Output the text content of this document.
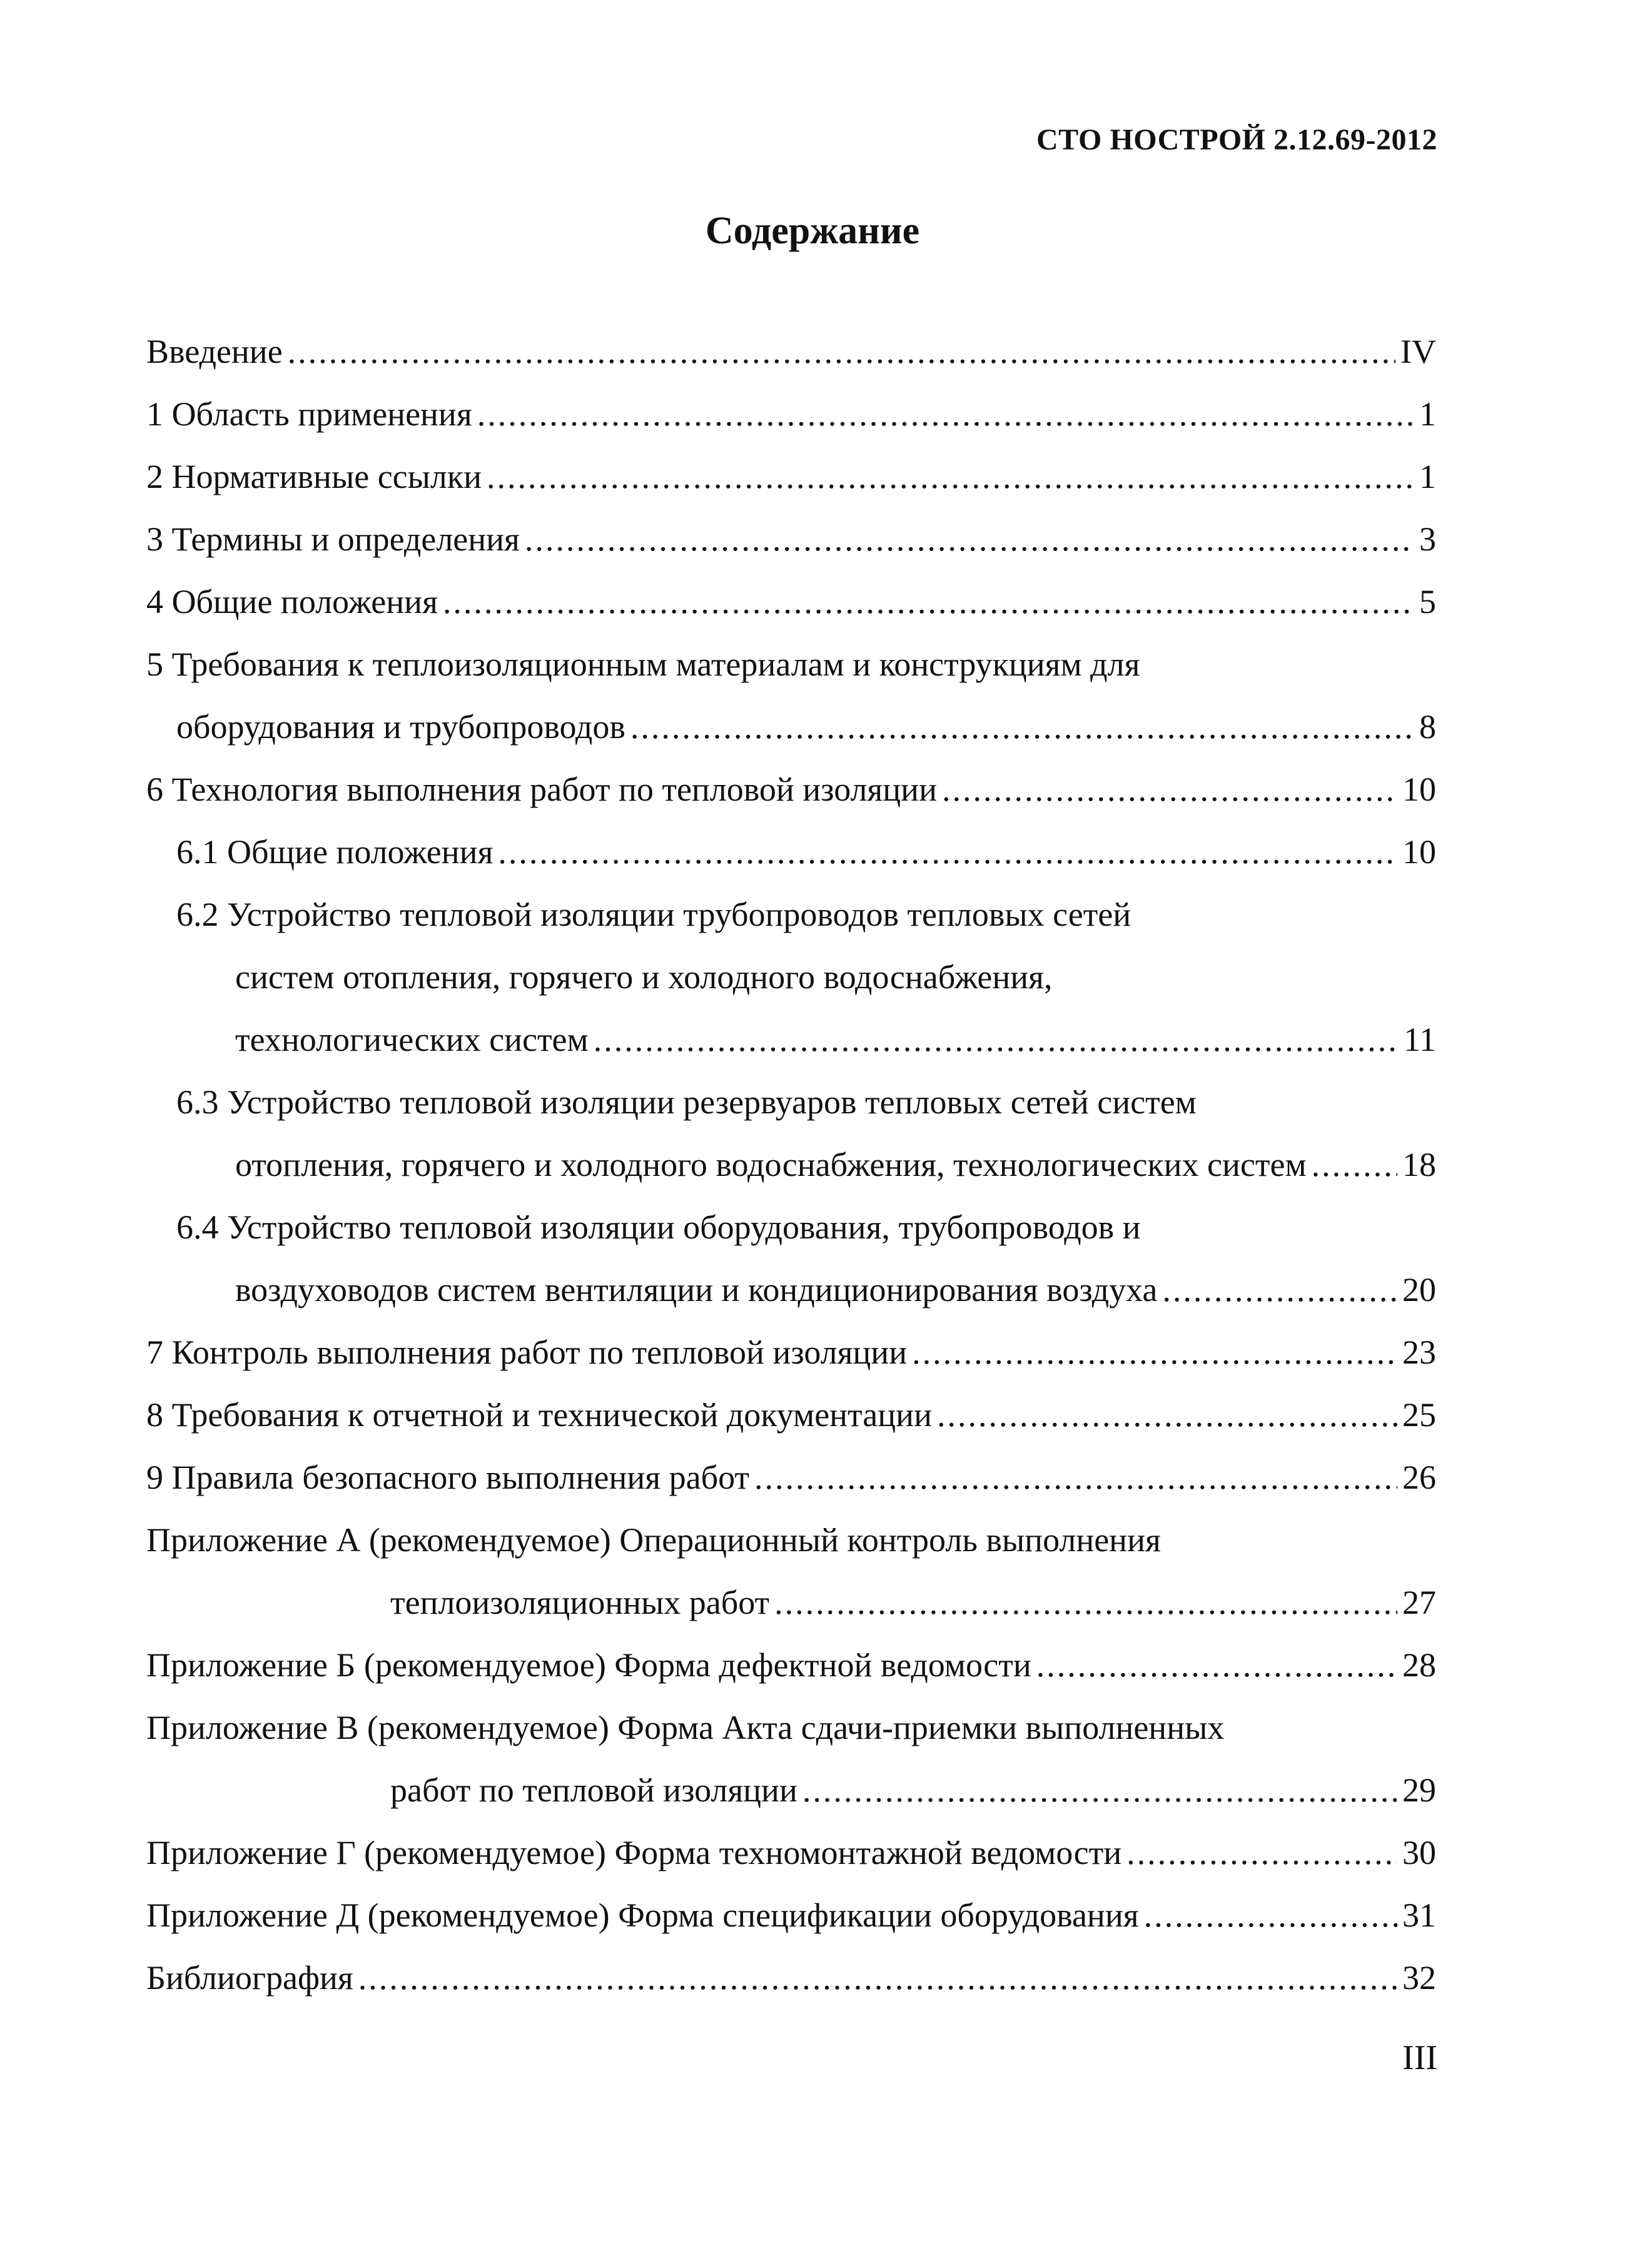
СТО НОСТРОЙ 2.12.69-2012
Содержание
Введение .....	IV
1 Область применения .....	1
2 Нормативные ссылки .....	1
3 Термины и определения .....	3
4 Общие положения .....	5
5 Требования к теплоизоляционным материалам и конструкциям для
оборудования и трубопроводов .....	8
6 Технология выполнения работ по тепловой изоляции .....	10
6.1 Общие положения .....	10
6.2 Устройство тепловой изоляции трубопроводов тепловых сетей
систем отопления, горячего и холодного водоснабжения,
технологических систем .....	11
6.3 Устройство тепловой изоляции резервуаров тепловых сетей систем
отопления, горячего и холодного водоснабжения, технологических систем .....	18
6.4 Устройство тепловой изоляции оборудования, трубопроводов и
воздуховодов систем вентиляции и кондиционирования воздуха .....	20
7 Контроль выполнения работ по тепловой изоляции .....	23
8 Требования к отчетной и технической документации .....	25
9 Правила безопасного выполнения работ .....	26
Приложение А (рекомендуемое) Операционный контроль выполнения
теплоизоляционных работ .....	27
Приложение Б (рекомендуемое) Форма дефектной ведомости .....	28
Приложение В (рекомендуемое) Форма Акта сдачи-приемки выполненных
работ по тепловой изоляции .....	29
Приложение Г (рекомендуемое) Форма техномонтажной ведомости .....	30
Приложение Д (рекомендуемое) Форма спецификации оборудования .....	31
Библиография .....	32
III
